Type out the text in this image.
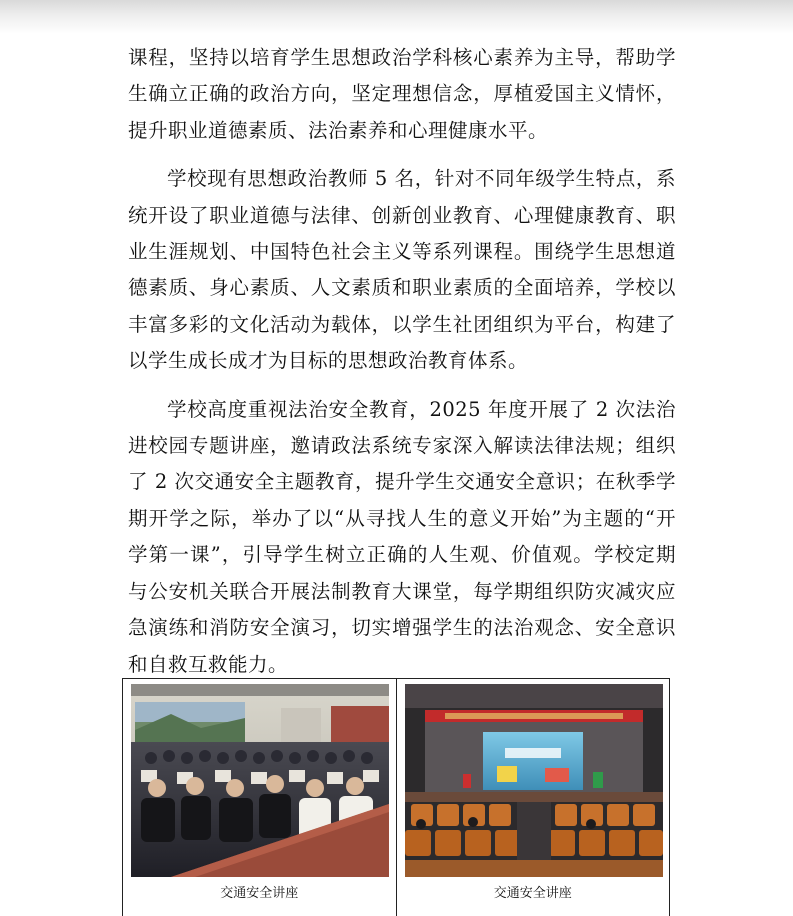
课程，坚持以培育学生思想政治学科核心素养为主导，帮助学生确立正确的政治方向，坚定理想信念，厚植爱国主义情怀，提升职业道德素质、法治素养和心理健康水平。

学校现有思想政治教师 5 名，针对不同年级学生特点，系统开设了职业道德与法律、创新创业教育、心理健康教育、职业生涯规划、中国特色社会主义等系列课程。围绕学生思想道德素质、身心素质、人文素质和职业素质的全面培养，学校以丰富多彩的文化活动为载体，以学生社团组织为平台，构建了以学生成长成才为目标的思想政治教育体系。

学校高度重视法治安全教育，2025 年度开展了 2 次法治进校园专题讲座，邀请政法系统专家深入解读法律法规；组织了 2 次交通安全主题教育，提升学生交通安全意识；在秋季学期开学之际，举办了以“从寻找人生的意义开始”为主题的“开学第一课”，引导学生树立正确的人生观、价值观。学校定期与公安机关联合开展法制教育大课堂，每学期组织防灾减灾应急演练和消防安全演习，切实增强学生的法治观念、安全意识和自救互救能力。

交通安全讲座	交通安全讲座
